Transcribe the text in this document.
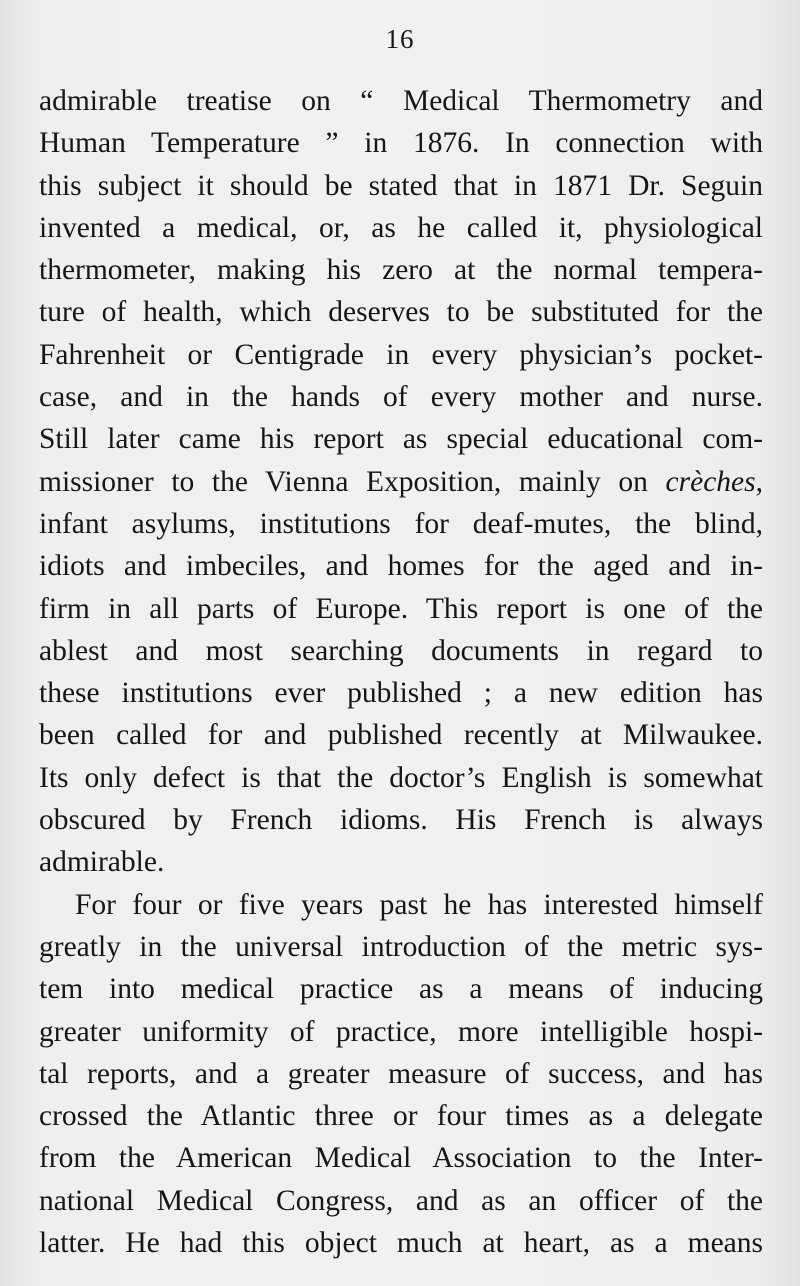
16
admirable treatise on “ Medical Thermometry and
Human Temperature ” in 1876. In connection with
this subject it should be stated that in 1871 Dr. Seguin
invented a medical, or, as he called it, physiological
thermometer, making his zero at the normal tempera-
ture of health, which deserves to be substituted for the
Fahrenheit or Centigrade in every physician’s pocket-
case, and in the hands of every mother and nurse.
Still later came his report as special educational com-
missioner to the Vienna Exposition, mainly on crèches,
infant asylums, institutions for deaf-mutes, the blind,
idiots and imbeciles, and homes for the aged and in-
firm in all parts of Europe. This report is one of the
ablest and most searching documents in regard to
these institutions ever published ; a new edition has
been called for and published recently at Milwaukee.
Its only defect is that the doctor’s English is somewhat
obscured by French idioms. His French is always
admirable.
For four or five years past he has interested himself
greatly in the universal introduction of the metric sys-
tem into medical practice as a means of inducing
greater uniformity of practice, more intelligible hospi-
tal reports, and a greater measure of success, and has
crossed the Atlantic three or four times as a delegate
from the American Medical Association to the Inter-
national Medical Congress, and as an officer of the
latter. He had this object much at heart, as a means
